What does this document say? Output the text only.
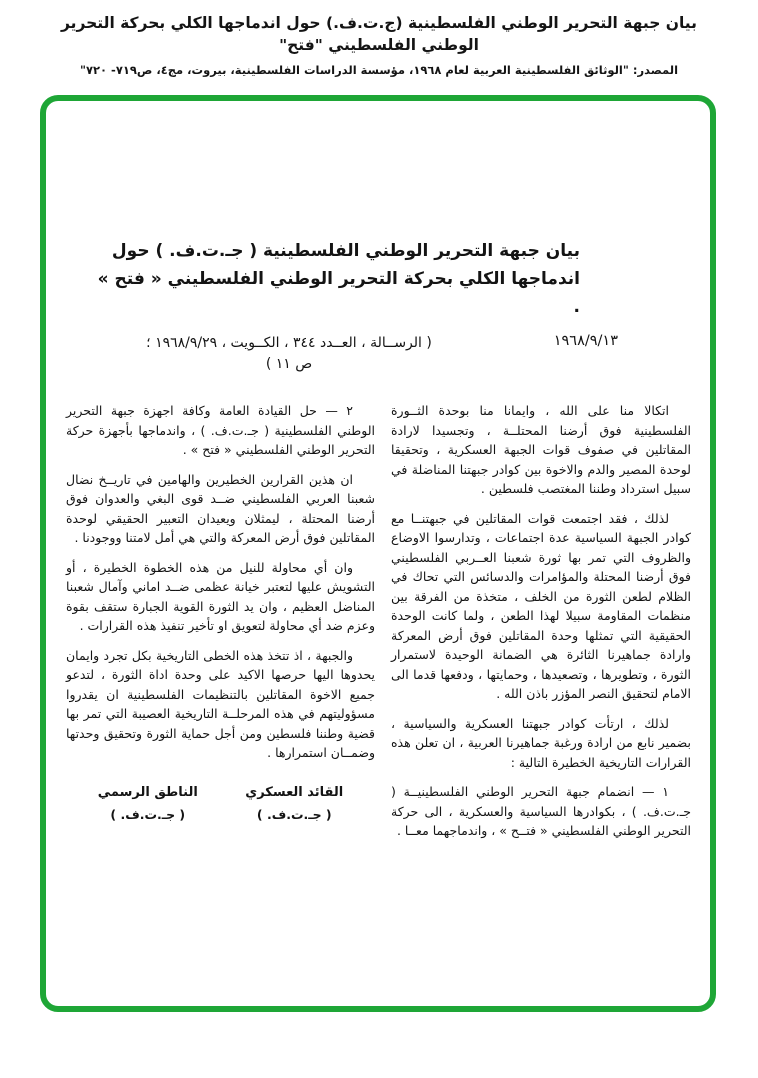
بيان جبهة التحرير الوطني الفلسطينية (ج.ت.ف.) حول اندماجها الكلي بحركة التحرير الوطني الفلسطيني "فتح"
المصدر: "الوثائق الفلسطينية العربية لعام ١٩٦٨، مؤسسة الدراسات الفلسطينية، بيروت، مج٤، ص٧١٩- ٧٢٠"
بيان جبهة التحرير الوطني الفلسطينية ( جـ.ت.ف. ) حول اندماجها الكلي بحركة التحرير الوطني الفلسطيني « فتح » .
١٩٦٨/٩/١٣
( الرســالة ، العــدد ٣٤٤ ، الكــويت ، ١٩٦٨/٩/٢٩ ؛ ص ١١ )

اتكالا منا على الله ، وايمانا منا بوحدة الثــورة الفلسطينية فوق أرضنا المحتلــة ، وتجسيدا لارادة المقاتلين في صفوف قوات الجبهة العسكرية ، وتحقيقا لوحدة المصير والدم والاخوة بين كوادر جبهتنا المناضلة في سبيل استرداد وطننا المغتصب فلسطين .

لذلك ، فقد اجتمعت قوات المقاتلين في جبهتنــا مع كوادر الجبهة السياسية عدة اجتماعات ، وتدارسوا الاوضاع والظروف التي تمر بها ثورة شعبنا العــربي الفلسطيني فوق أرضنا المحتلة والمؤامرات والدسائس التي تحاك في الظلام لطعن الثورة من الخلف ، متخذة من الفرقة بين منظمات المقاومة سبيلا لهذا الطعن ، ولما كانت الوحدة الحقيقية التي تمثلها وحدة المقاتلين فوق أرض المعركة وارادة جماهيرنا الثائرة هي الضمانة الوحيدة لاستمرار الثورة ، وتطويرها ، وتصعيدها ، وحمايتها ، ودفعها قدما الى الامام لتحقيق النصر المؤزر باذن الله .

لذلك ، ارتأت كوادر جبهتنا العسكرية والسياسية ، بضمير نابع من ارادة ورغبة جماهيرنا العربية ، ان تعلن هذه القرارات التاريخية الخطيرة التالية :

١ — انضمام جبهة التحرير الوطني الفلسطينيــة ( جـ.ت.ف. ) ، بكوادرها السياسية والعسكرية ، الى حركة التحرير الوطني الفلسطيني « فتــح » ، واندماجهما معــا .

٢ — حل القيادة العامة وكافة اجهزة جبهة التحرير الوطني الفلسطينية ( جـ.ت.ف. ) ، واندماجها بأجهزة حركة التحرير الوطني الفلسطيني « فتح » .

ان هذين القرارين الخطيرين والهامين في تاريــخ نضال شعبنا العربي الفلسطيني ضــد قوى البغي والعدوان فوق أرضنا المحتلة ، ليمثلان ويعيدان التعبير الحقيقي لوحدة المقاتلين فوق أرض المعركة والتي هي أمل لامتنا ووجودنا .

وان أي محاولة للنيل من هذه الخطوة الخطيرة ، أو التشويش عليها لتعتبر خيانة عظمى ضــد اماني وآمال شعبنا المناضل العظيم ، وان يد الثورة القوية الجبارة ستقف بقوة وعزم ضد أي محاولة لتعويق او تأخير تنفيذ هذه القرارات .

والجبهة ، اذ تتخذ هذه الخطى التاريخية بكل تجرد وايمان يحدوها اليها حرصها الاكيد على وحدة اداة الثورة ، لتدعو جميع الاخوة المقاتلين بالتنظيمات الفلسطينية ان يقدروا مسؤوليتهم في هذه المرحلــة التاريخية العصيبة التي تمر بها قضية وطننا فلسطين ومن أجل حماية الثورة وتحقيق وحدتها وضمــان استمرارها .

القائد العسكري
( جـ.ت.ف. )
الناطق الرسمي
( جـ.ت.ف. )
